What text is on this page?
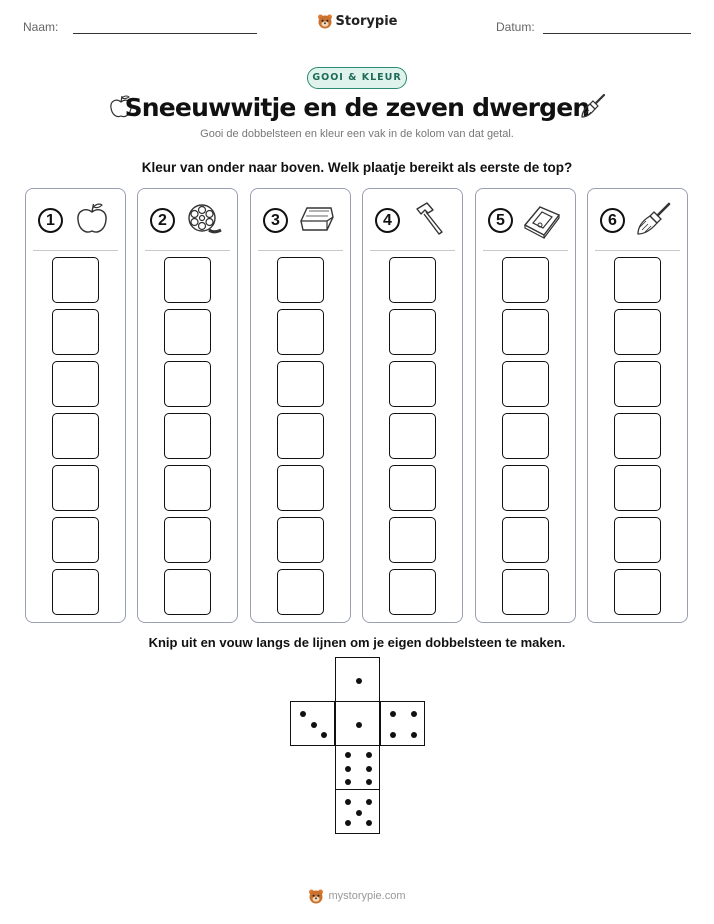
Naam:	Storypie	Datum:
GOOI & KLEUR
Sneeuwwitje en de zeven dwergen
Gooi de dobbelsteen en kleur een vak in de kolom van dat getal.
Kleur van onder naar boven. Welk plaatje bereikt als eerste de top?
1	2	3	4	5	6
Knip uit en vouw langs de lijnen om je eigen dobbelsteen te maken.
mystorypie.com
